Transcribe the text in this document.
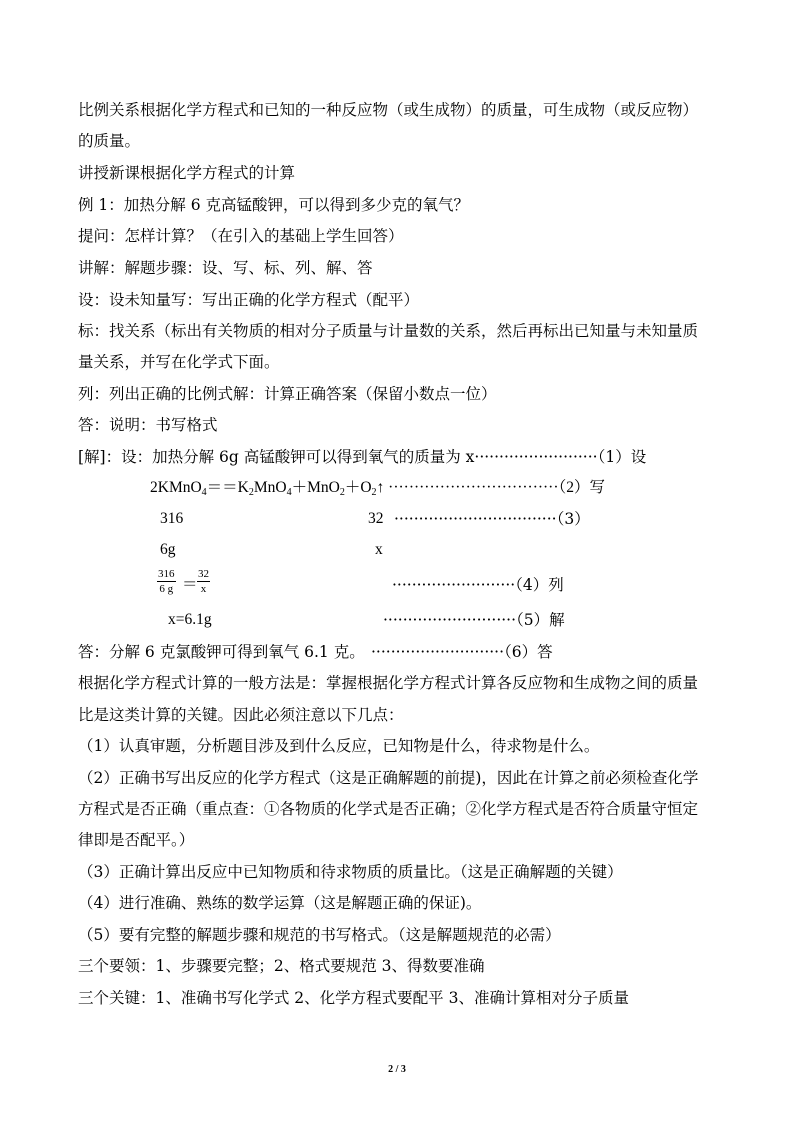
比例关系根据化学方程式和已知的一种反应物（或生成物）的质量，可生成物（或反应物）
的质量。
讲授新课根据化学方程式的计算
例 1：加热分解 6 克高锰酸钾，可以得到多少克的氧气？
提问：怎样计算？（在引入的基础上学生回答）
讲解：解题步骤：设、写、标、列、解、答
设：设未知量写：写出正确的化学方程式（配平）
标：找关系（标出有关物质的相对分子质量与计量数的关系，然后再标出已知量与未知量质
量关系，并写在化学式下面。
列：列出正确的比例式解：计算正确答案（保留小数点一位）
答：说明：书写格式
[解]：设：加热分解 6g 高锰酸钾可以得到氧气的质量为 x·························（1）设
$2KMnO_4==K_2MnO_4+MnO_2+O_2↑ \cdot\cdot\cdot\cdot\cdot\cdot\cdot\cdot\cdot\cdot\cdot\cdot\cdot\cdot\cdot\cdot\cdot\cdot\cdot\cdot\cdot\cdot\cdot\cdot\cdot\cdot\cdot\cdot\cdot\cdot\cdot\cdot\cdot(2)$写
316	32 ·································（3）
6g	x
316
6 g ＝
32
x	·························（4）列
x=6.1g	···························（5）解
答：分解 6 克氯酸钾可得到氧气 6.1 克。 ···························（6）答
根据化学方程式计算的一般方法是：掌握根据化学方程式计算各反应物和生成物之间的质量
比是这类计算的关键。因此必须注意以下几点：
（1）认真审题，分析题目涉及到什么反应，已知物是什么，待求物是什么。
（2）正确书写出反应的化学方程式（这是正确解题的前提)，因此在计算之前必须检查化学
方程式是否正确（重点查：①各物质的化学式是否正确；②化学方程式是否符合质量守恒定
律即是否配平。）
（3）正确计算出反应中已知物质和待求物质的质量比。（这是正确解题的关键）
（4）进行准确、熟练的数学运算（这是解题正确的保证)。
（5）要有完整的解题步骤和规范的书写格式。（这是解题规范的必需）
三个要领：1、步骤要完整；2、格式要规范 3、得数要准确
三个关键：1、准确书写化学式 2、化学方程式要配平 3、准确计算相对分子质量
2 / 3
